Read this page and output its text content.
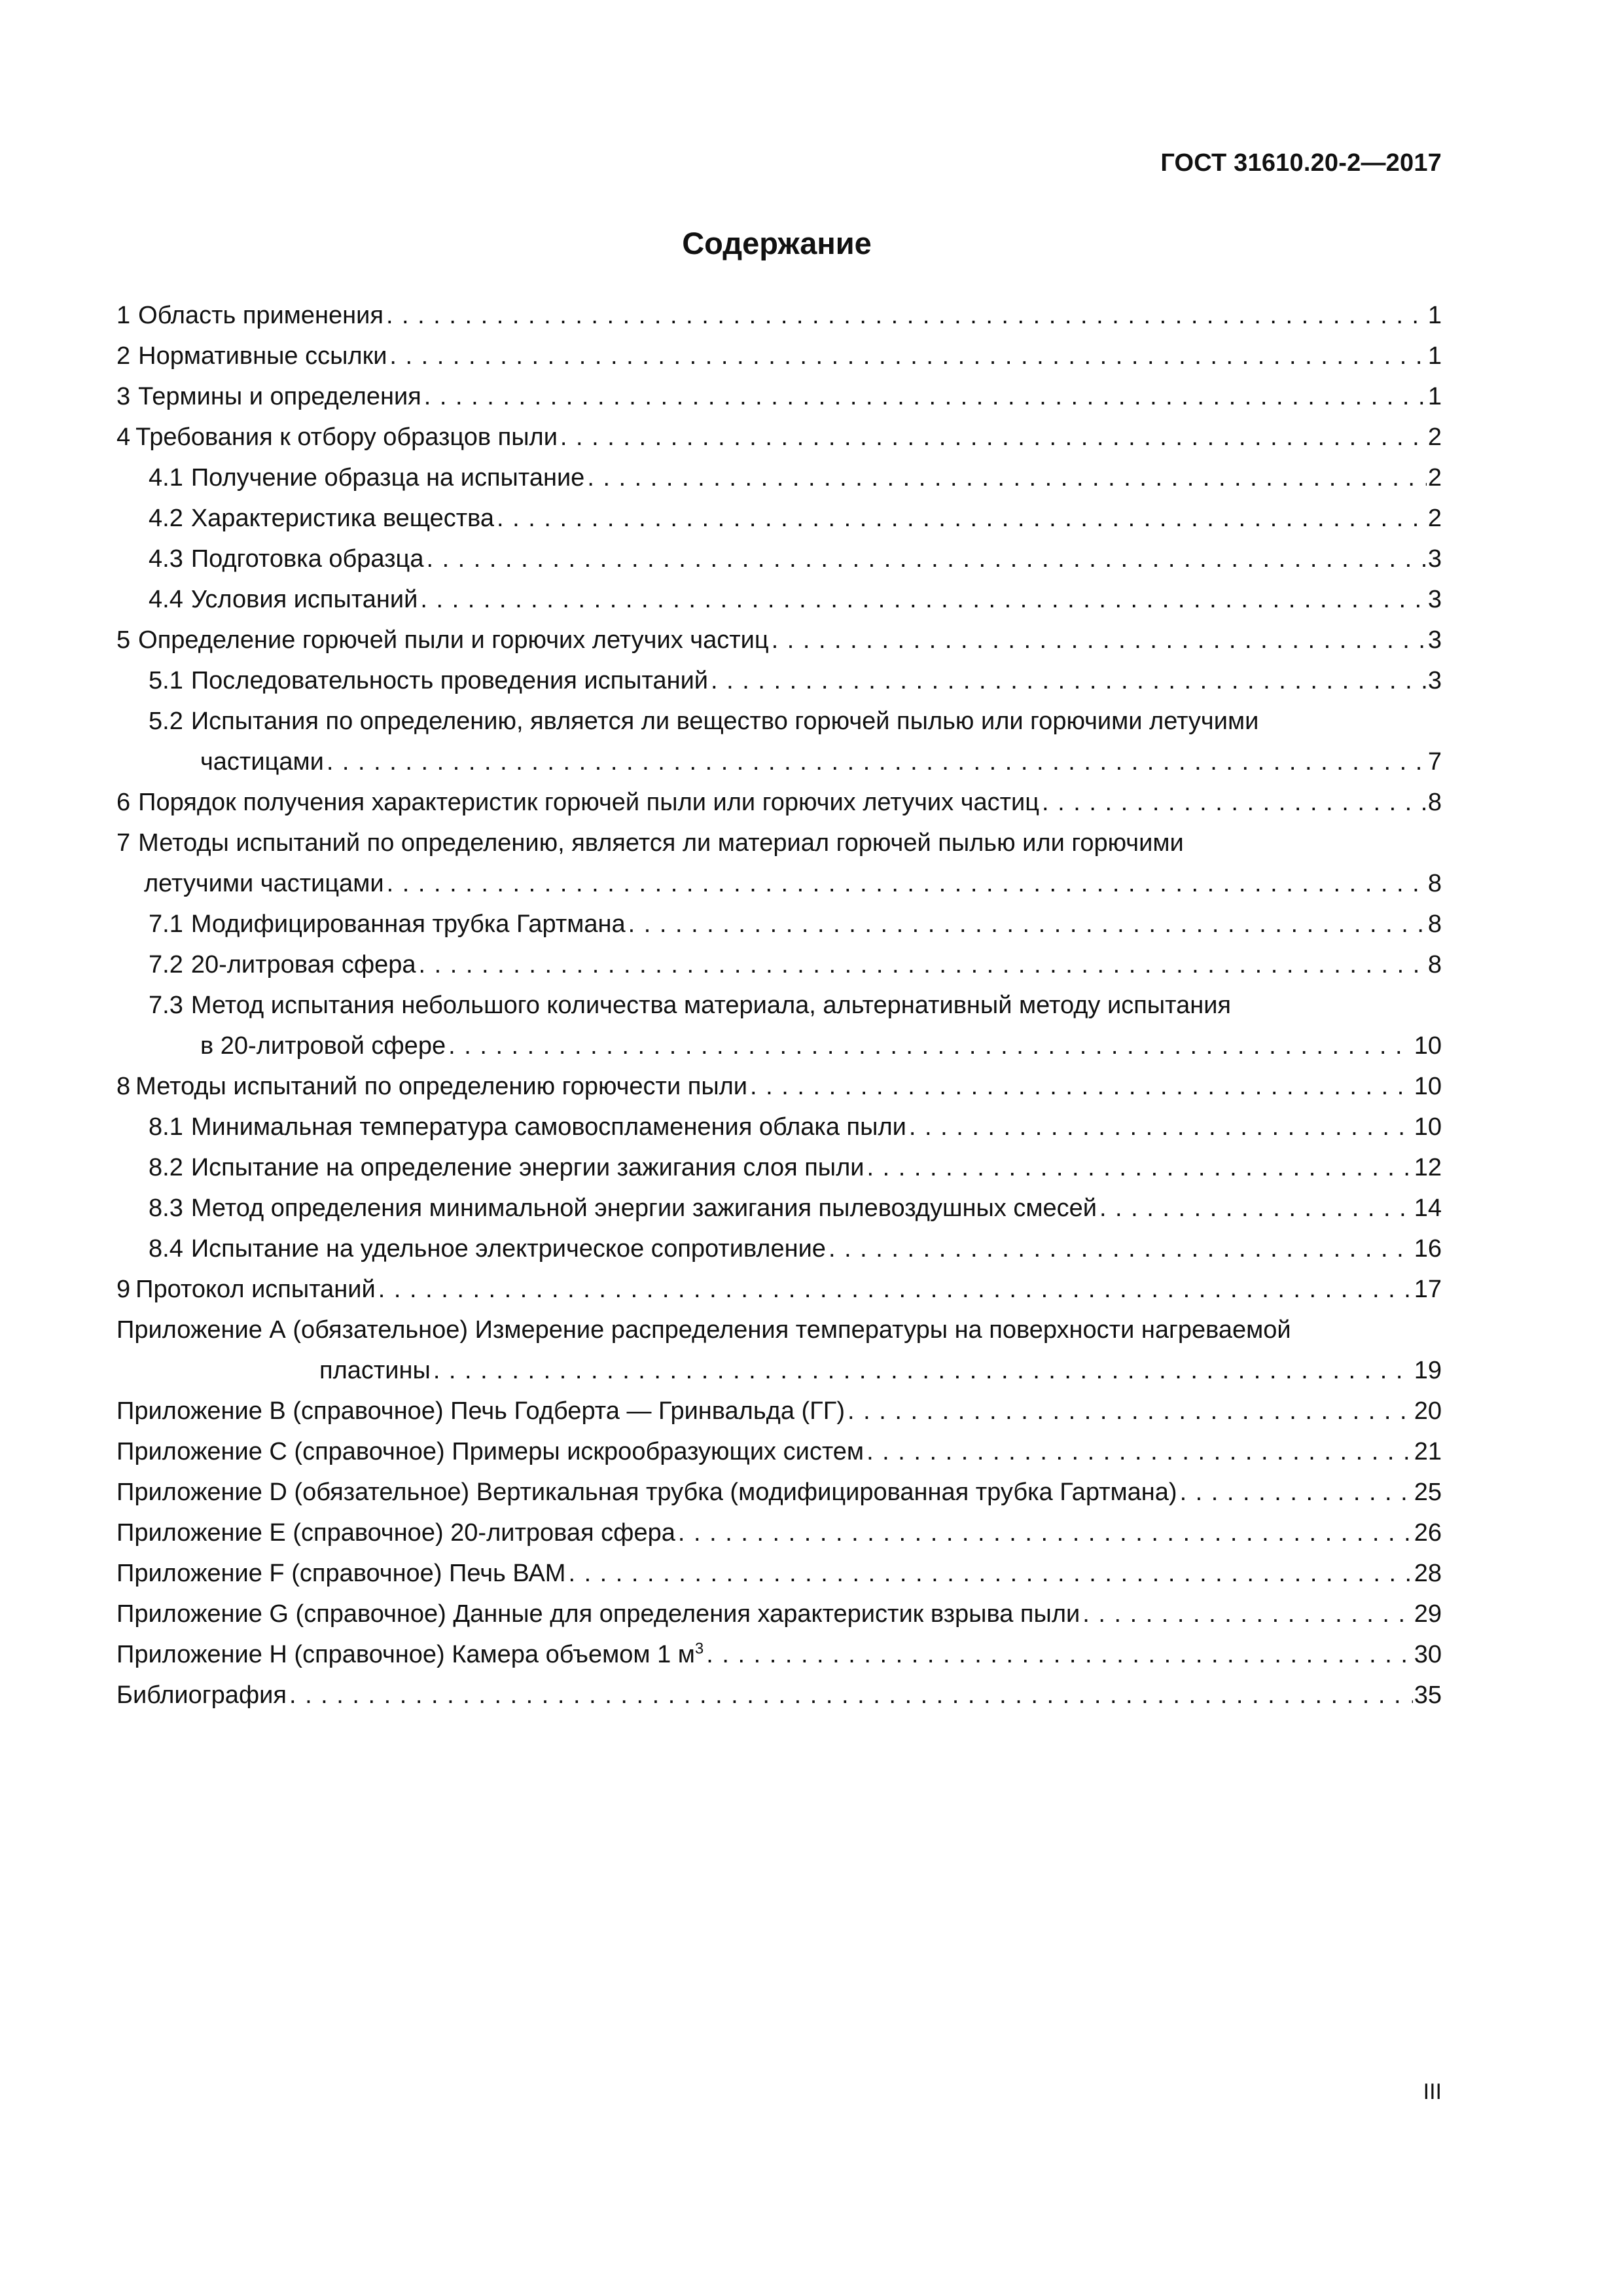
ГОСТ 31610.20-2—2017
Содержание
1 Область применения . . .	1
2 Нормативные ссылки . . .	1
3 Термины и определения . . .	1
4 Требования к отбору образцов пыли . . .	2
4.1 Получение образца на испытание . . .	2
4.2 Характеристика вещества . . .	2
4.3 Подготовка образца . . .	3
4.4 Условия испытаний . . .	3
5 Определение горючей пыли и горючих летучих частиц . . .	3
5.1 Последовательность проведения испытаний . . .	3
5.2 Испытания по определению, является ли вещество горючей пылью или горючими летучими
частицами . . .	7
6 Порядок получения характеристик горючей пыли или горючих летучих частиц . . .	8
7 Методы испытаний по определению, является ли материал горючей пылью или горючими
летучими частицами . . .	8
7.1 Модифицированная трубка Гартмана . . .	8
7.2 20-литровая сфера . . .	8
7.3 Метод испытания небольшого количества материала, альтернативный методу испытания
в 20-литровой сфере . . .	10
8 Методы испытаний по определению горючести пыли . . .	10
8.1 Минимальная температура самовоспламенения облака пыли . . .	10
8.2 Испытание на определение энергии зажигания слоя пыли . . .	12
8.3 Метод определения минимальной энергии зажигания пылевоздушных смесей . . .	14
8.4 Испытание на удельное электрическое сопротивление . . .	16
9 Протокол испытаний . . .	17
Приложение А (обязательное) Измерение распределения температуры на поверхности нагреваемой
пластины . . .	19
Приложение В (справочное) Печь Годберта — Гринвальда (ГГ) . . .	20
Приложение С (справочное) Примеры искрообразующих систем . . .	21
Приложение D (обязательное) Вертикальная трубка (модифицированная трубка Гартмана) . . .	25
Приложение Е (справочное) 20-литровая сфера . . .	26
Приложение F (справочное) Печь ВАМ . . .	28
Приложение G (справочное) Данные для определения характеристик взрыва пыли . . .	29
Приложение Н (справочное) Камера объемом 1 $м^3$ . . .	30
Библиография . . .	35
III
